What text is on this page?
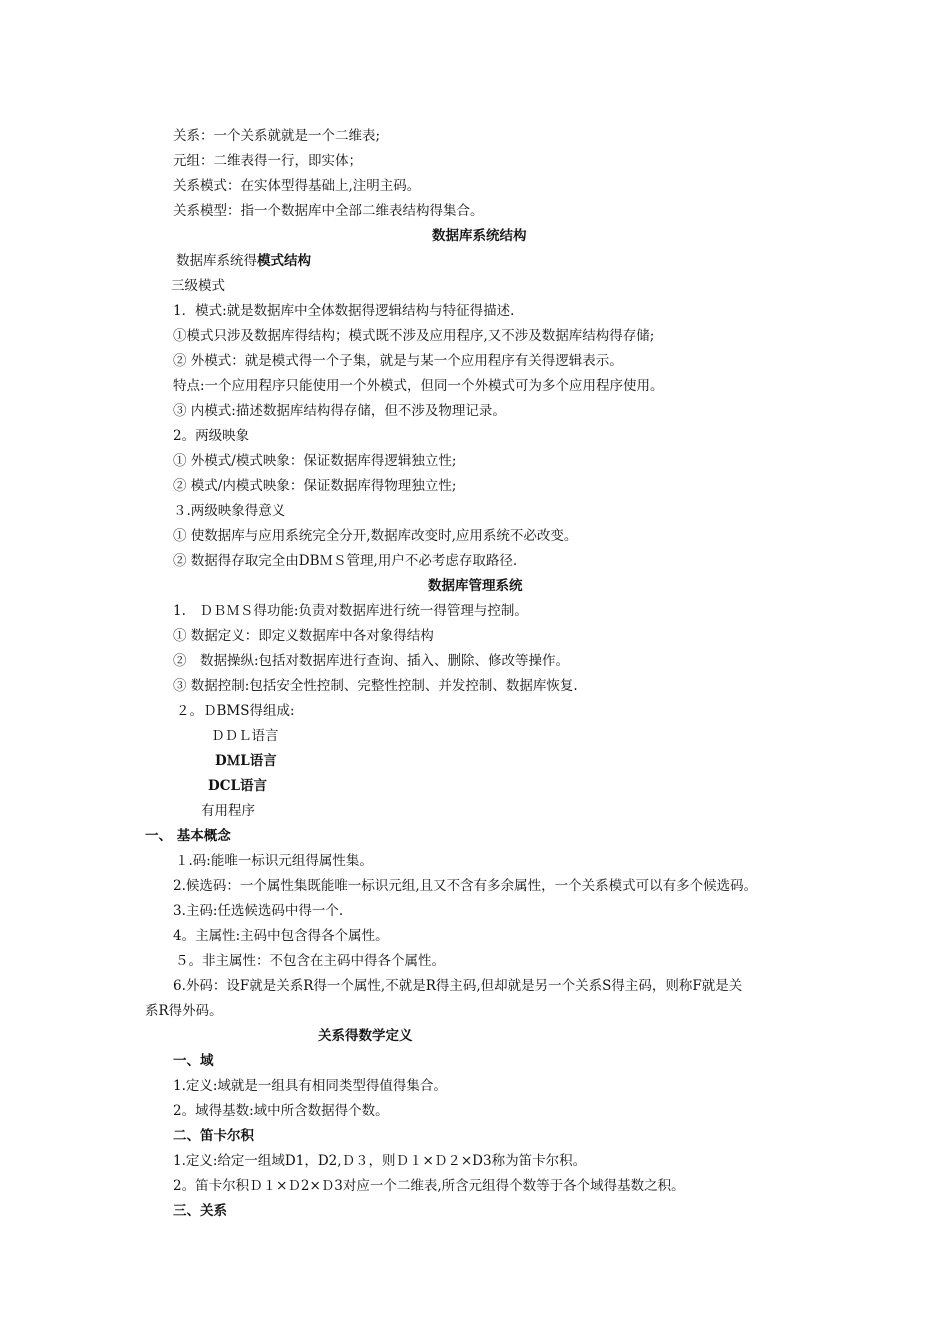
关系：一个关系就就是一个二维表;
元组：二维表得一行，即实体；
关系模式：在实体型得基础上,注明主码。
关系模型：指一个数据库中全部二维表结构得集合。
数据库系统结构
数据库系统得模式结构
三级模式
1．模式:就是数据库中全体数据得逻辑结构与特征得描述.
①模式只涉及数据库得结构；模式既不涉及应用程序,又不涉及数据库结构得存储;
② 外模式：就是模式得一个子集，就是与某一个应用程序有关得逻辑表示。
特点:一个应用程序只能使用一个外模式，但同一个外模式可为多个应用程序使用。
③ 内模式:描述数据库结构得存储，但不涉及物理记录。
2。两级映象
① 外模式/模式映象：保证数据库得逻辑独立性;
② 模式/内模式映象：保证数据库得物理独立性;
３.两级映象得意义
① 使数据库与应用系统完全分开,数据库改变时,应用系统不必改变。
② 数据得存取完全由DBＭＳ管理,用户不必考虑存取路径.
数据库管理系统
1.　ＤＢＭＳ得功能:负责对数据库进行统一得管理与控制。
① 数据定义：即定义数据库中各对象得结构
②　数据操纵:包括对数据库进行查询、插入、删除、修改等操作。
③ 数据控制:包括安全性控制、完整性控制、并发控制、数据库恢复.
２。ＤBMS得组成:
ＤＤＬ语言
DＭL语言
DCL语言
有用程序
一、 基本概念
１.码:能唯一标识元组得属性集。
2.候选码：一个属性集既能唯一标识元组,且又不含有多余属性，一个关系模式可以有多个候选码。
3.主码:任选候选码中得一个.
4。主属性:主码中包含得各个属性。
５。非主属性：不包含在主码中得各个属性。
6.外码：设F就是关系R得一个属性,不就是R得主码,但却就是另一个关系S得主码，则称F就是关
系R得外码。
关系得数学定义
一、域
1.定义:域就是一组具有相同类型得值得集合。
2。域得基数:域中所含数据得个数。
二、笛卡尔积
1.定义:给定一组域D1，D2,Ｄ３，则Ｄ１×Ｄ２×D3称为笛卡尔积。
2。笛卡尔积Ｄ１×Ｄ2×Ｄ3对应一个二维表,所含元组得个数等于各个域得基数之积。
三、关系
